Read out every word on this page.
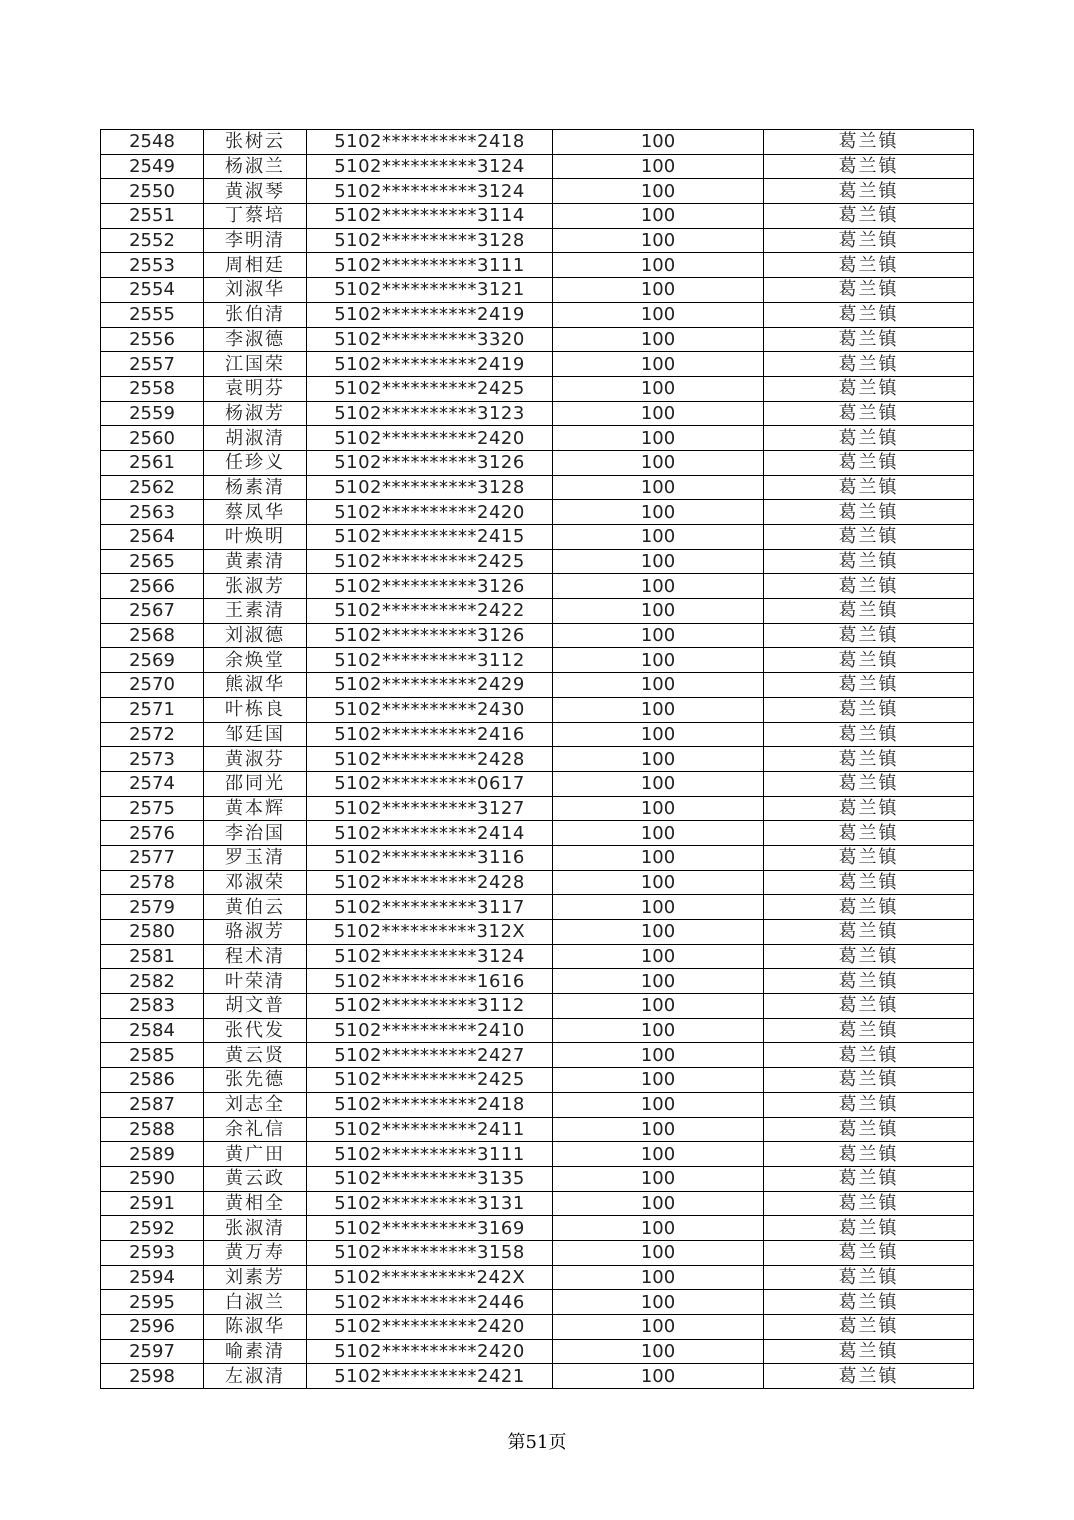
2548	张树云	5102**********2418	100	葛兰镇
2549	杨淑兰	5102**********3124	100	葛兰镇
2550	黄淑琴	5102**********3124	100	葛兰镇
2551	丁蔡培	5102**********3114	100	葛兰镇
2552	李明清	5102**********3128	100	葛兰镇
2553	周相廷	5102**********3111	100	葛兰镇
2554	刘淑华	5102**********3121	100	葛兰镇
2555	张伯清	5102**********2419	100	葛兰镇
2556	李淑德	5102**********3320	100	葛兰镇
2557	江国荣	5102**********2419	100	葛兰镇
2558	袁明芬	5102**********2425	100	葛兰镇
2559	杨淑芳	5102**********3123	100	葛兰镇
2560	胡淑清	5102**********2420	100	葛兰镇
2561	任珍义	5102**********3126	100	葛兰镇
2562	杨素清	5102**********3128	100	葛兰镇
2563	蔡凤华	5102**********2420	100	葛兰镇
2564	叶焕明	5102**********2415	100	葛兰镇
2565	黄素清	5102**********2425	100	葛兰镇
2566	张淑芳	5102**********3126	100	葛兰镇
2567	王素清	5102**********2422	100	葛兰镇
2568	刘淑德	5102**********3126	100	葛兰镇
2569	余焕堂	5102**********3112	100	葛兰镇
2570	熊淑华	5102**********2429	100	葛兰镇
2571	叶栋良	5102**********2430	100	葛兰镇
2572	邹廷国	5102**********2416	100	葛兰镇
2573	黄淑芬	5102**********2428	100	葛兰镇
2574	邵同光	5102**********0617	100	葛兰镇
2575	黄本辉	5102**********3127	100	葛兰镇
2576	李治国	5102**********2414	100	葛兰镇
2577	罗玉清	5102**********3116	100	葛兰镇
2578	邓淑荣	5102**********2428	100	葛兰镇
2579	黄伯云	5102**********3117	100	葛兰镇
2580	骆淑芳	5102**********312X	100	葛兰镇
2581	程术清	5102**********3124	100	葛兰镇
2582	叶荣清	5102**********1616	100	葛兰镇
2583	胡文普	5102**********3112	100	葛兰镇
2584	张代发	5102**********2410	100	葛兰镇
2585	黄云贤	5102**********2427	100	葛兰镇
2586	张先德	5102**********2425	100	葛兰镇
2587	刘志全	5102**********2418	100	葛兰镇
2588	余礼信	5102**********2411	100	葛兰镇
2589	黄广田	5102**********3111	100	葛兰镇
2590	黄云政	5102**********3135	100	葛兰镇
2591	黄相全	5102**********3131	100	葛兰镇
2592	张淑清	5102**********3169	100	葛兰镇
2593	黄万寿	5102**********3158	100	葛兰镇
2594	刘素芳	5102**********242X	100	葛兰镇
2595	白淑兰	5102**********2446	100	葛兰镇
2596	陈淑华	5102**********2420	100	葛兰镇
2597	喻素清	5102**********2420	100	葛兰镇
2598	左淑清	5102**********2421	100	葛兰镇
第51页
